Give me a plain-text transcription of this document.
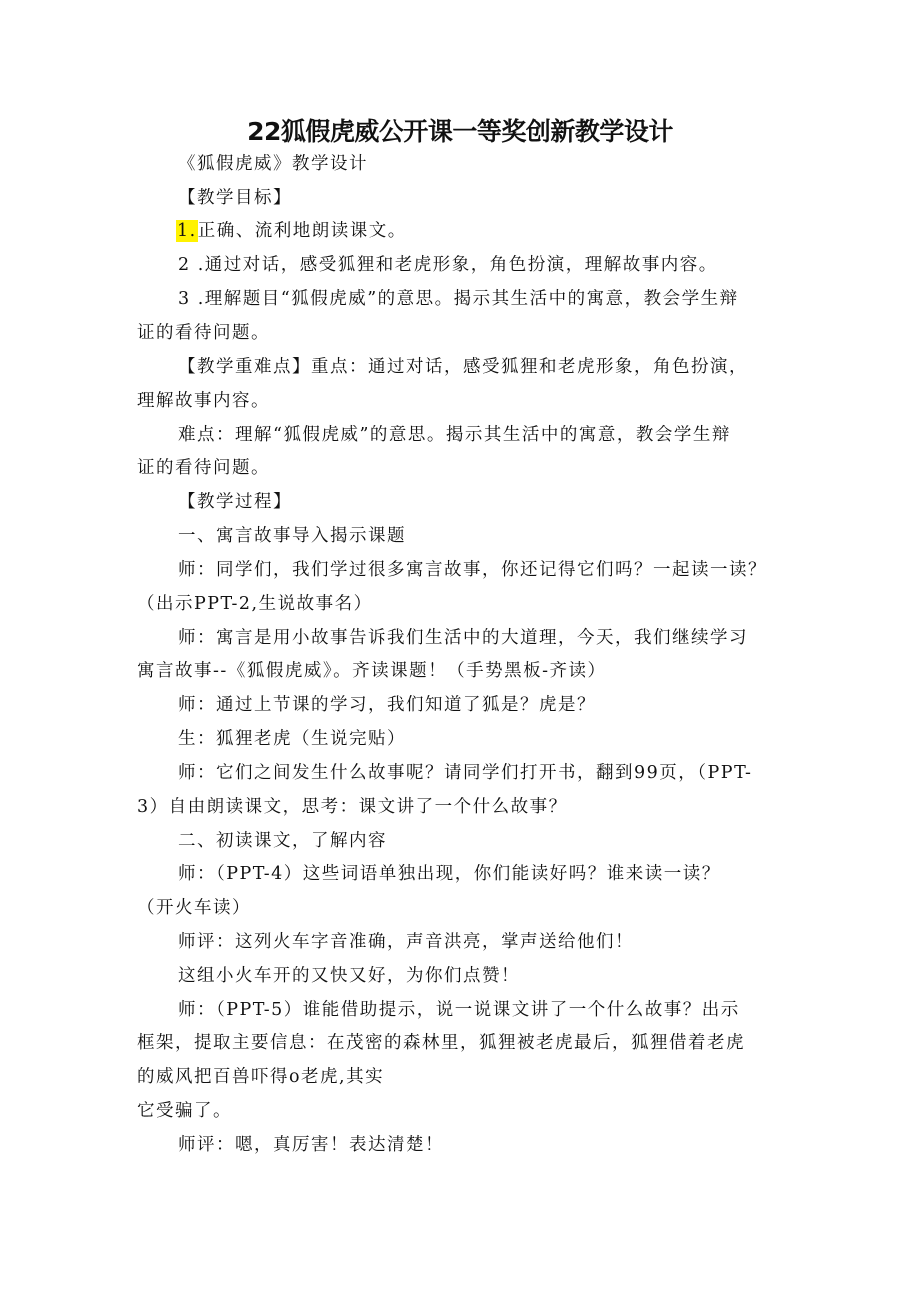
22狐假虎威公开课一等奖创新教学设计
《狐假虎威》教学设计
【教学目标】
1.正确、流利地朗读课文。
2 .通过对话，感受狐狸和老虎形象，角色扮演，理解故事内容。
3 .理解题目“狐假虎威”的意思。揭示其生活中的寓意，教会学生辩
证的看待问题。
【教学重难点】重点：通过对话，感受狐狸和老虎形象，角色扮演，
理解故事内容。
难点：理解“狐假虎威”的意思。揭示其生活中的寓意，教会学生辩
证的看待问题。
【教学过程】
一、寓言故事导入揭示课题
师：同学们，我们学过很多寓言故事，你还记得它们吗？一起读一读？
（出示PPT-2,生说故事名）
师：寓言是用小故事告诉我们生活中的大道理，今天，我们继续学习
寓言故事--《狐假虎威》。齐读课题！（手势黑板-齐读）
师：通过上节课的学习，我们知道了狐是？虎是？
生：狐狸老虎（生说完贴）
师：它们之间发生什么故事呢？请同学们打开书，翻到99页，（PPT-
3）自由朗读课文，思考：课文讲了一个什么故事？
二、初读课文，了解内容
师：（PPT-4）这些词语单独出现，你们能读好吗？谁来读一读？
（开火车读）
师评：这列火车字音准确，声音洪亮，掌声送给他们！
这组小火车开的又快又好，为你们点赞！
师：（PPT-5）谁能借助提示，说一说课文讲了一个什么故事？出示
框架，提取主要信息：在茂密的森林里，狐狸被老虎最后，狐狸借着老虎
的威风把百兽吓得o老虎,其实
它受骗了。
师评：嗯，真厉害！表达清楚！
